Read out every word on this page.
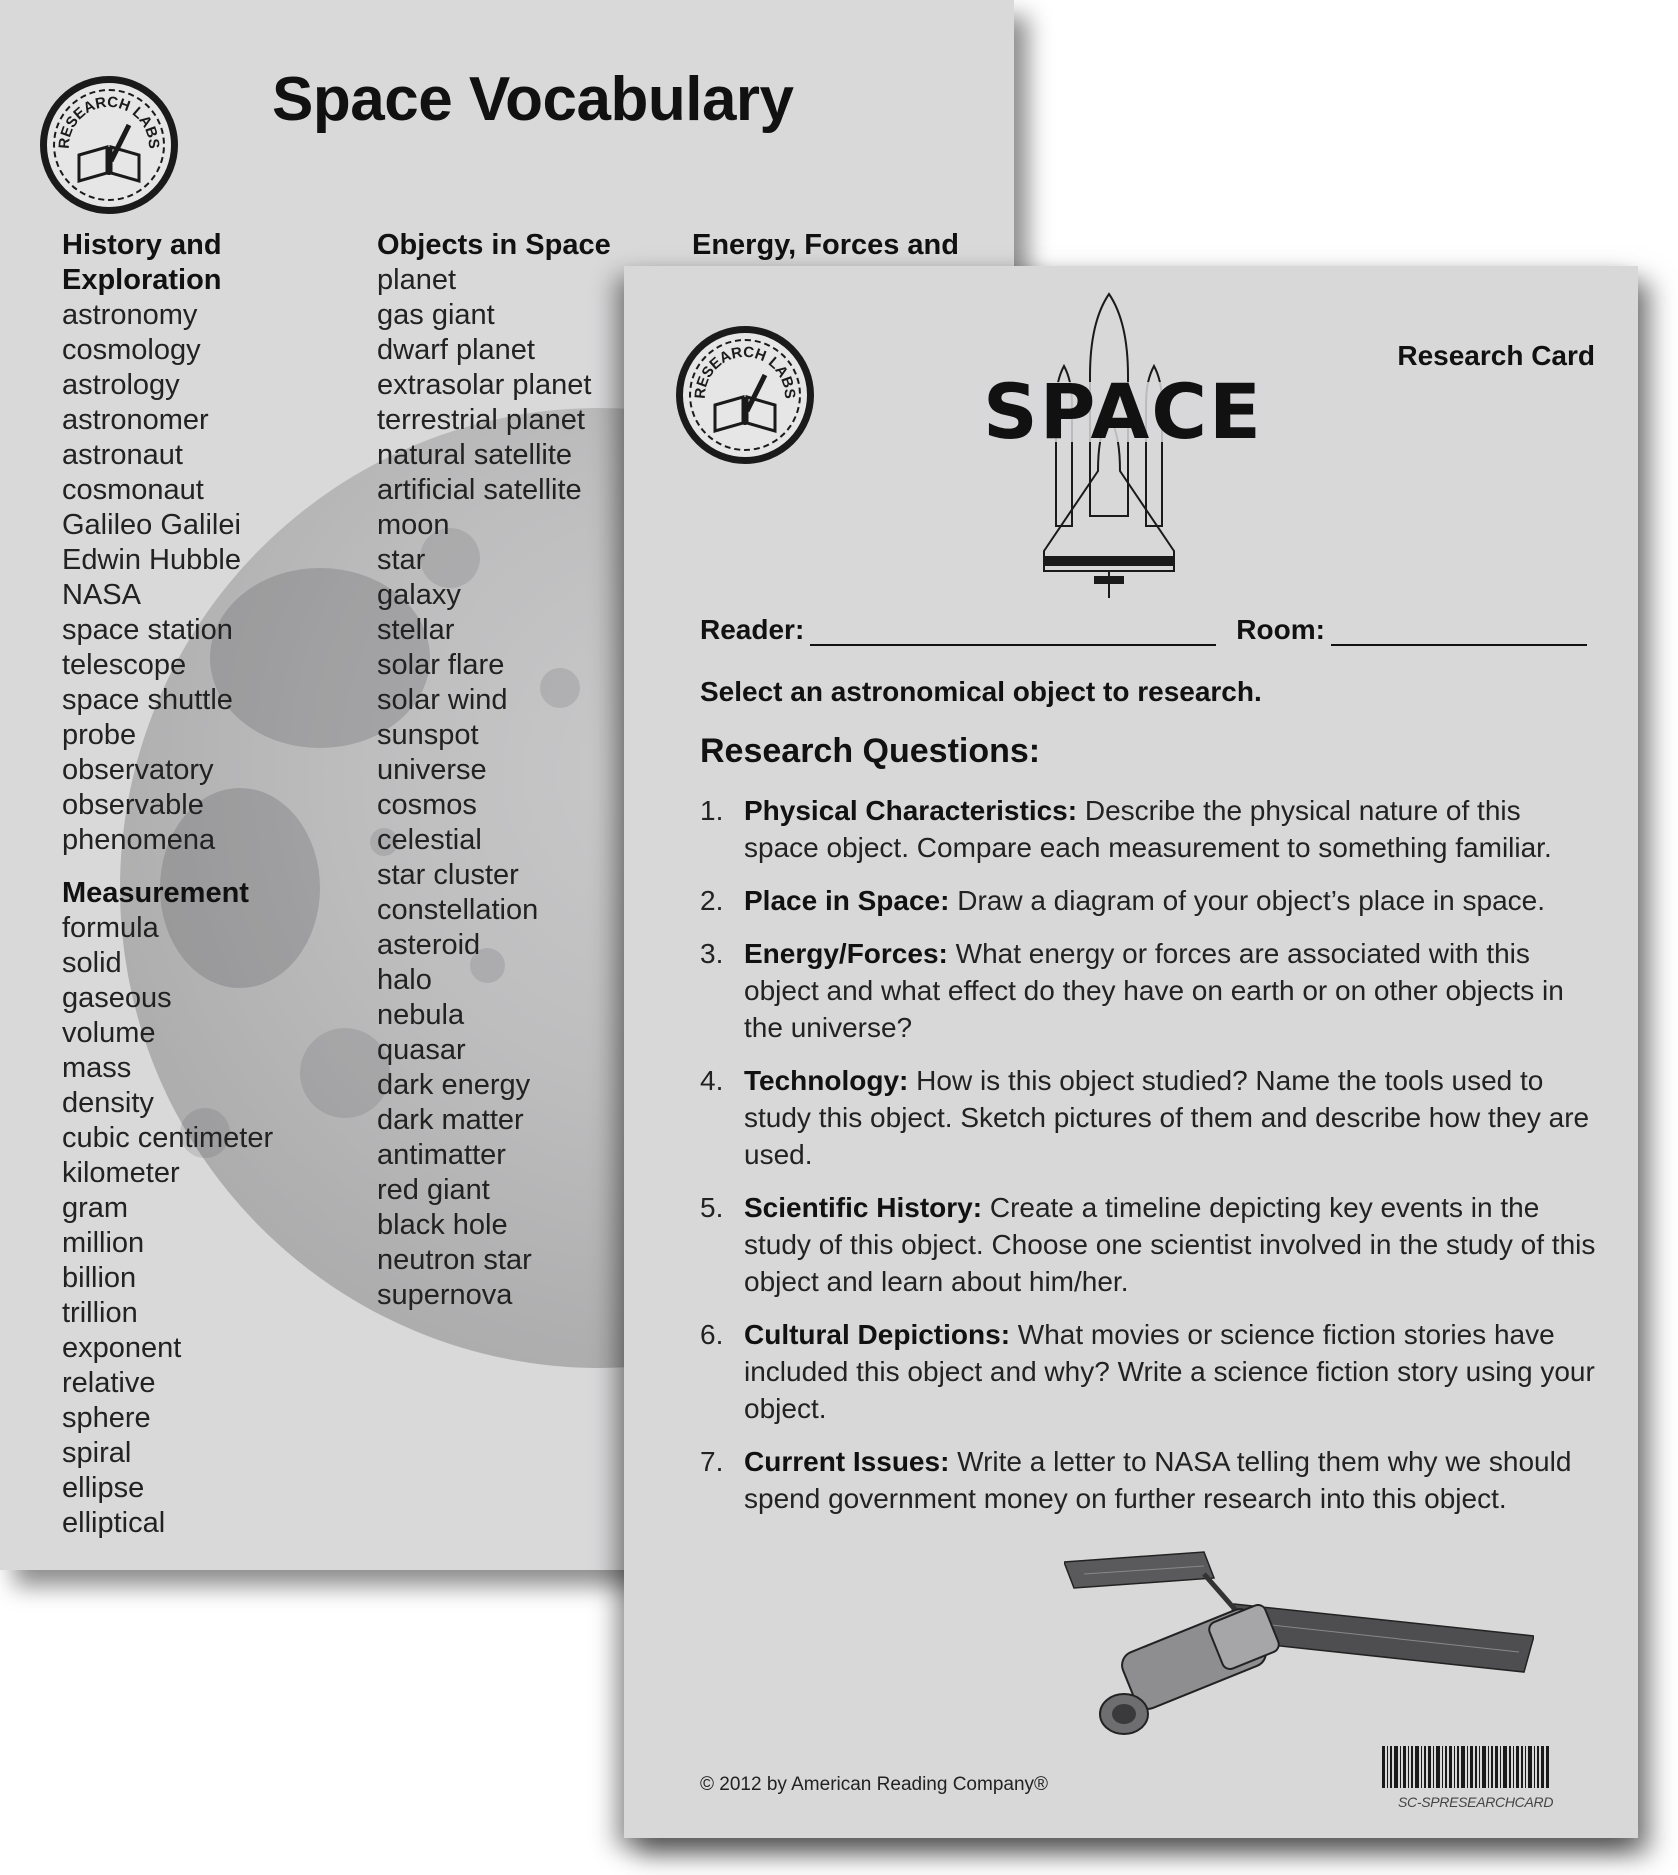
RESEARCH LABS
Space Vocabulary
History and
Exploration
astronomy
cosmology
astrology
astronomer
astronaut
cosmonaut
Galileo Galilei
Edwin Hubble
NASA
space station
telescope
space shuttle
probe
observatory
observable
phenomena
Measurement
formula
solid
gaseous
volume
mass
density
cubic centimeter
kilometer
gram
million
billion
trillion
exponent
relative
sphere
spiral
ellipse
elliptical
Objects in Space
planet
gas giant
dwarf planet
extrasolar planet
terrestrial planet
natural satellite
artificial satellite
moon
star
galaxy
stellar
solar flare
solar wind
sunspot
universe
cosmos
celestial
star cluster
constellation
asteroid
halo
nebula
quasar
dark energy
dark matter
antimatter
red giant
black hole
neutron star
supernova
Energy, Forces and
RESEARCH LABS SPACE
Research Card
Reader:	Room:
Select an astronomical object to research.
Research Questions:
1. Physical Characteristics: Describe the physical nature of this space object. Compare each measurement to something familiar.
2. Place in Space: Draw a diagram of your object’s place in space.
3. Energy/Forces: What energy or forces are associated with this object and what effect do they have on earth or on other objects in the universe?
4. Technology: How is this object studied? Name the tools used to study this object. Sketch pictures of them and describe how they are used.
5. Scientific History: Create a timeline depicting key events in the study of this object. Choose one scientist involved in the study of this object and learn about him/her.
6. Cultural Depictions: What movies or science fiction stories have included this object and why? Write a science fiction story using your object.
7. Current Issues: Write a letter to NASA telling them why we should spend government money on further research into this object.
© 2012 by American Reading Company®
SC-SPRESEARCHCARD
